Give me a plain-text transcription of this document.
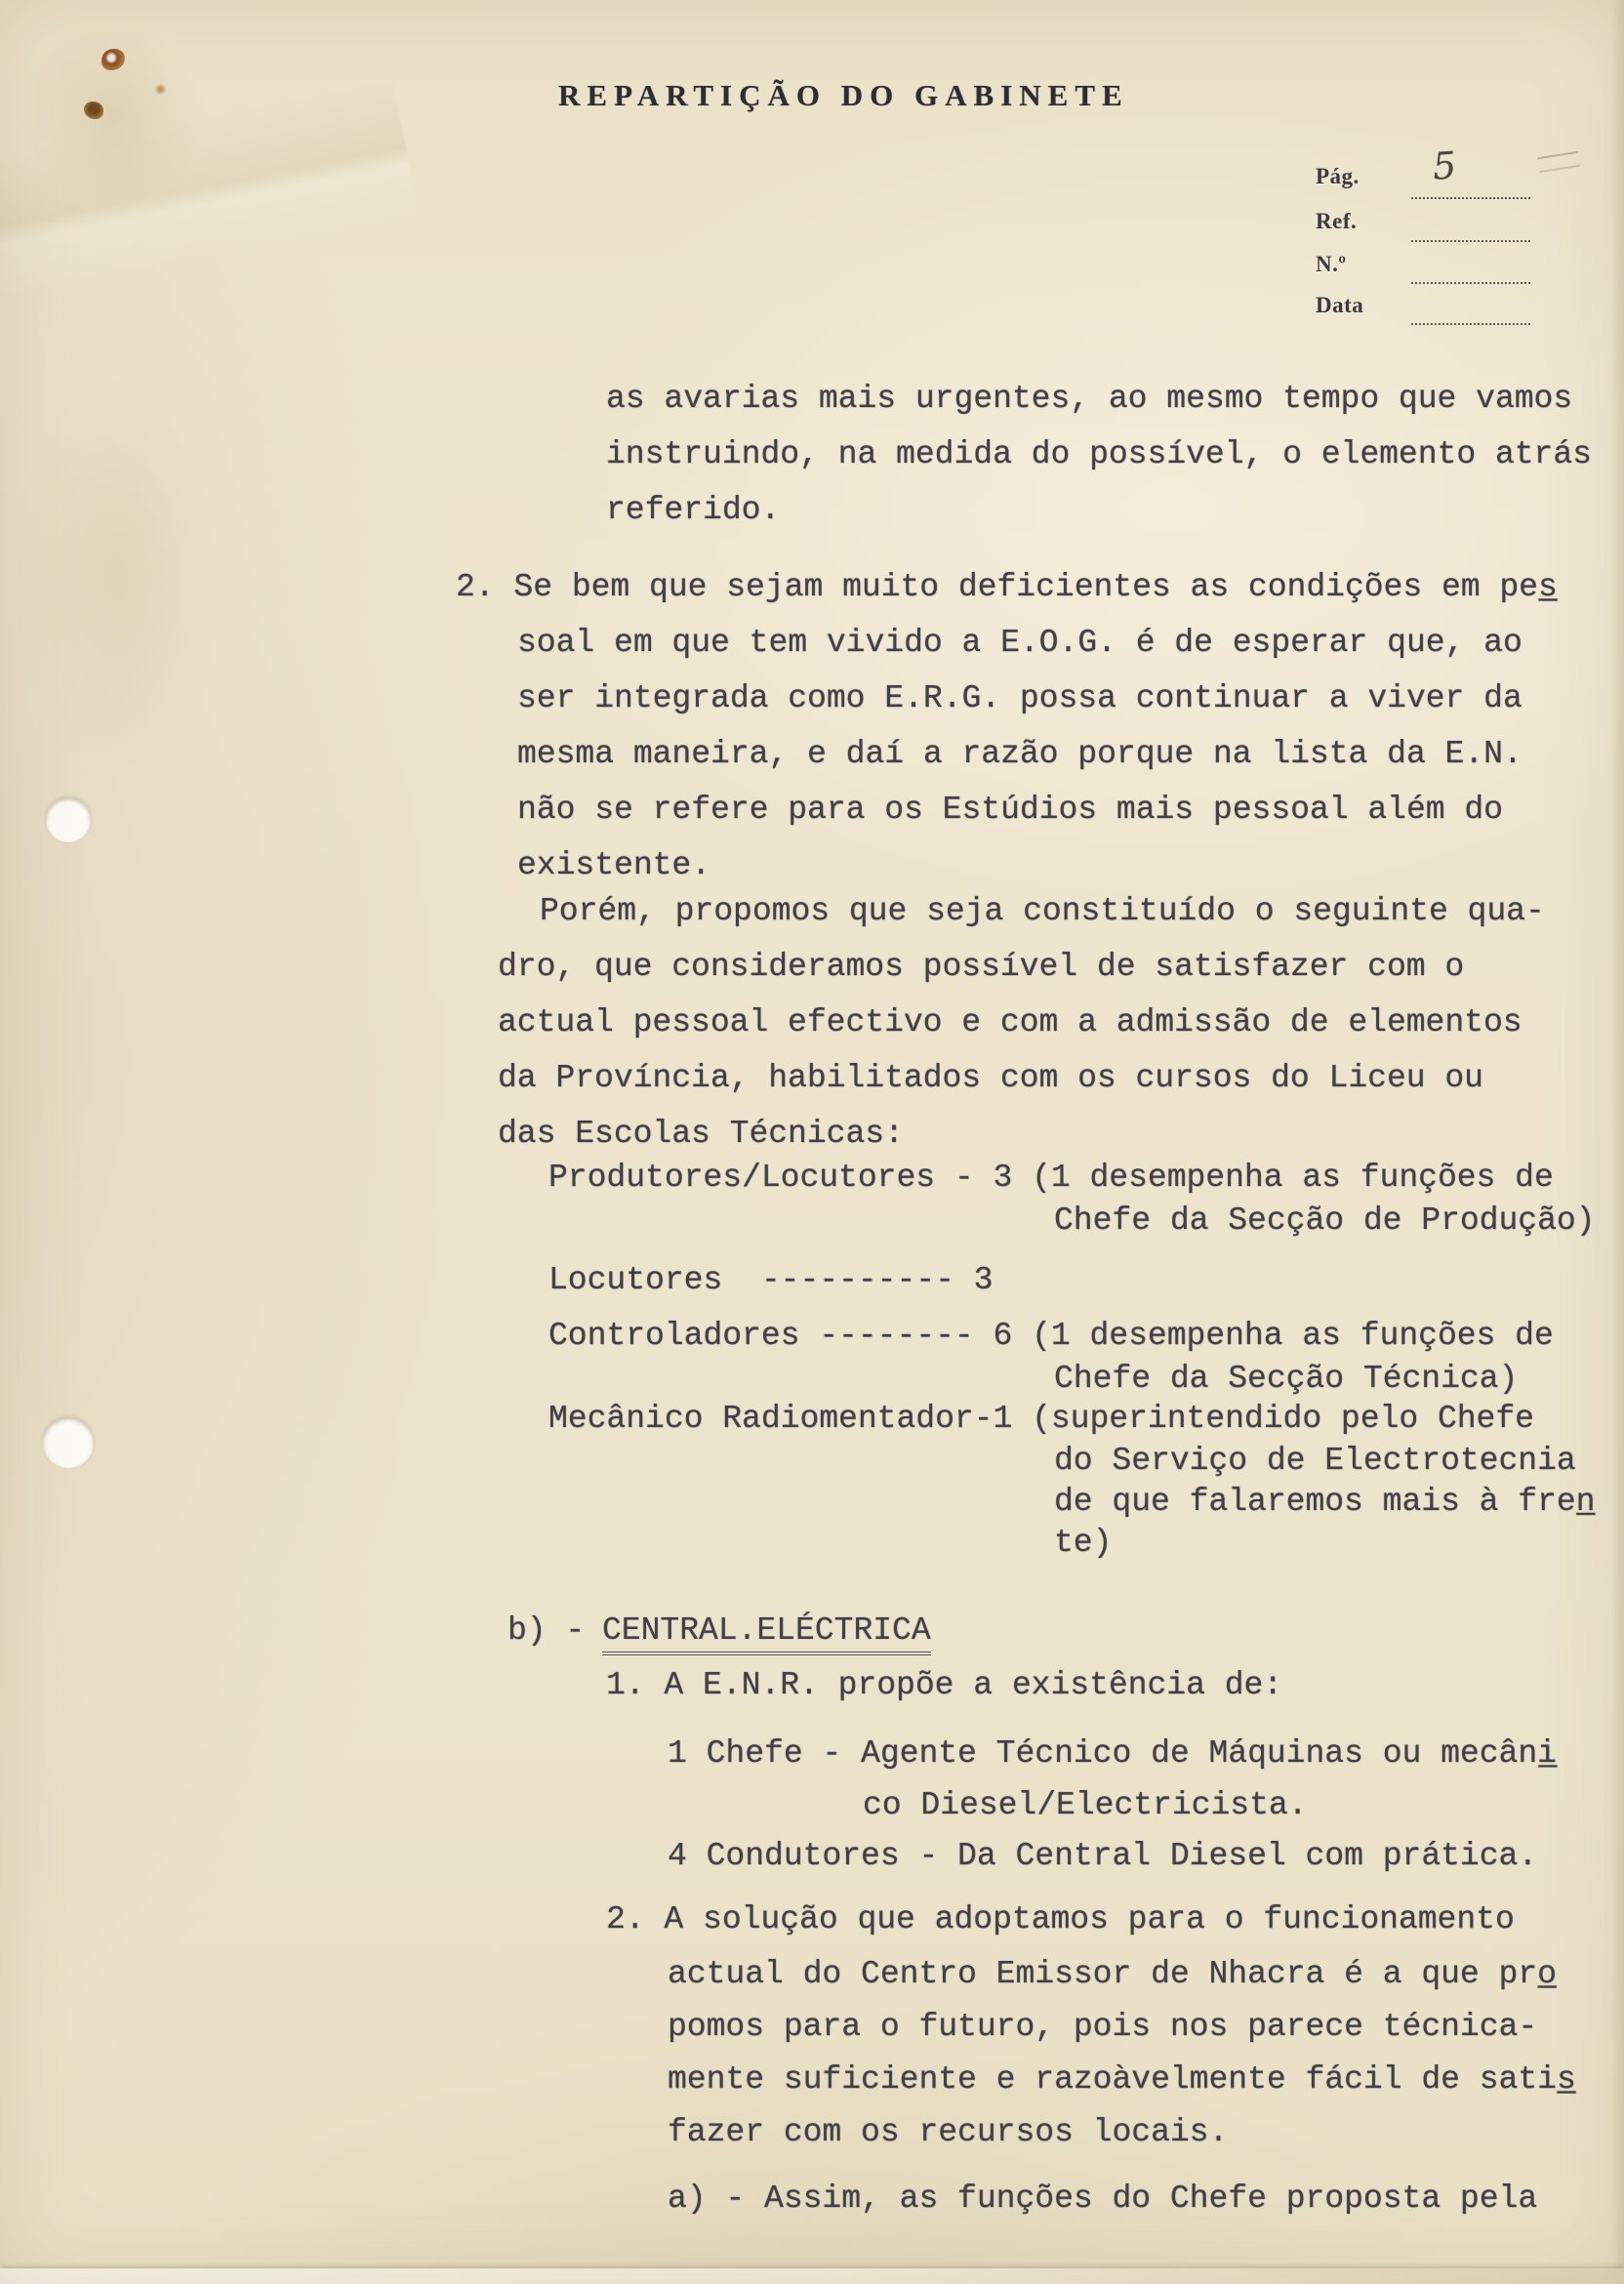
REPARTIÇÃO DO GABINETE
Pág.
Ref.
N.º
Data
5
as avarias mais urgentes, ao mesmo tempo que vamos
instruindo, na medida do possível, o elemento atrás
referido.
2. Se bem que sejam muito deficientes as condições em pes̲
soal em que tem vivido a E.O.G. é de esperar que, ao
ser integrada como E.R.G. possa continuar a viver da
mesma maneira, e daí a razão porque na lista da E.N.
não se refere para os Estúdios mais pessoal além do
existente.
Porém, propomos que seja constituído o seguinte qua-
dro, que consideramos possível de satisfazer com o
actual pessoal efectivo e com a admissão de elementos
da Província, habilitados com os cursos do Liceu ou
das Escolas Técnicas:
Produtores/Locutores - 3 (1 desempenha as funções de
Chefe da Secção de Produção)
Locutores  ---------- 3
Controladores -------- 6 (1 desempenha as funções de
Chefe da Secção Técnica)
Mecânico Radiomentador-1 (superintendido pelo Chefe
do Serviço de Electrotecnia
de que falaremos mais à fren̲
te)
b) - CENTRAL.ELÉCTRICA
1. A E.N.R. propõe a existência de:
1 Chefe - Agente Técnico de Máquinas ou mecâni̲
co Diesel/Electricista.
4 Condutores - Da Central Diesel com prática.
2. A solução que adoptamos para o funcionamento
actual do Centro Emissor de Nhacra é a que pro̲
pomos para o futuro, pois nos parece técnica-
mente suficiente e razoàvelmente fácil de satis̲
fazer com os recursos locais.
a) - Assim, as funções do Chefe proposta pela
